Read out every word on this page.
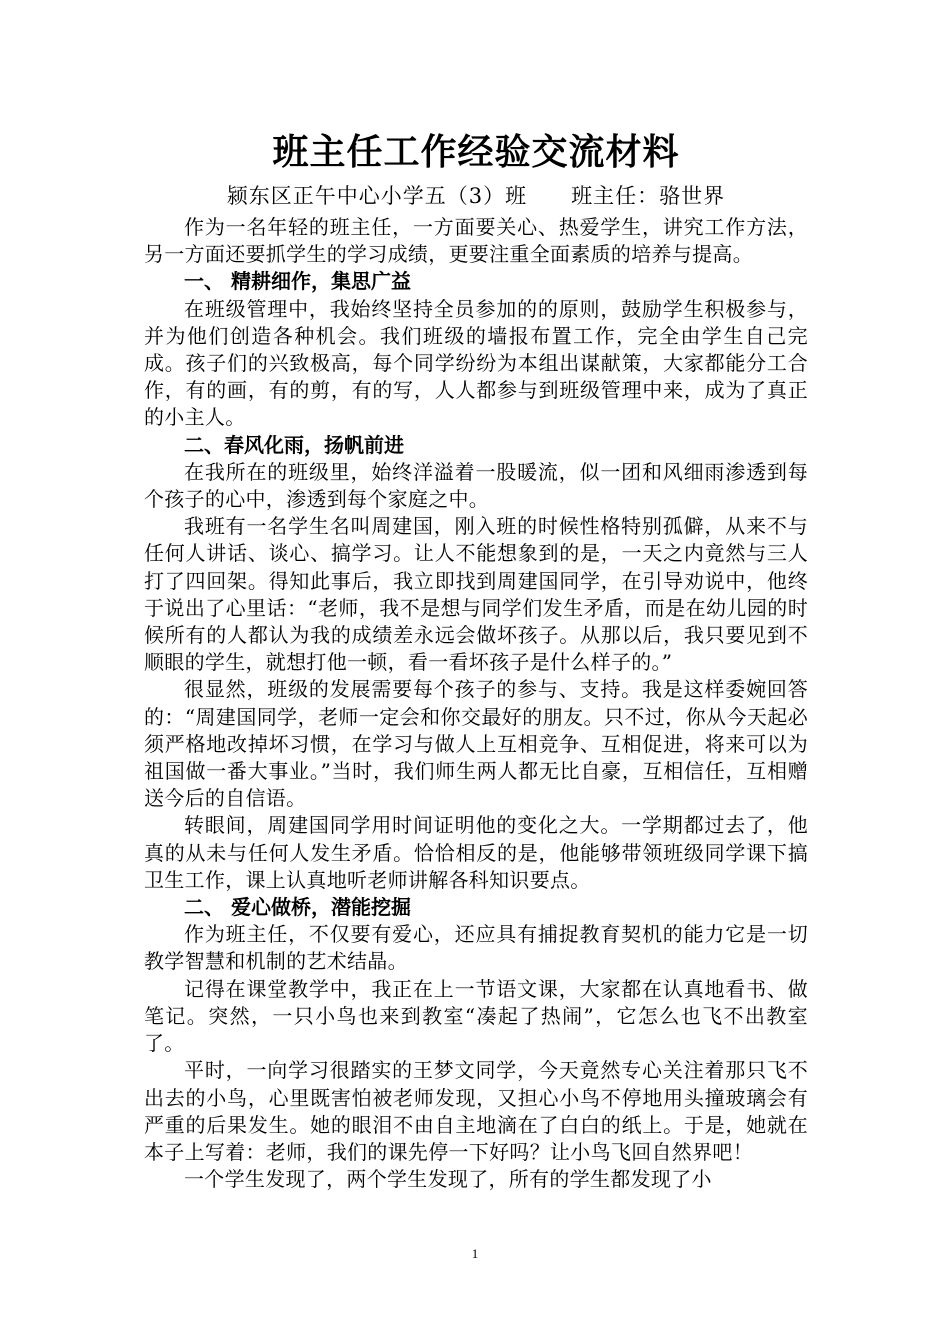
班主任工作经验交流材料
颍东区正午中心小学五（3）班 班主任：骆世界

作为一名年轻的班主任，一方面要关心、热爱学生，讲究工作方法，另一方面还要抓学生的学习成绩，更要注重全面素质的培养与提高。

一、 精耕细作，集思广益

在班级管理中，我始终坚持全员参加的的原则，鼓励学生积极参与，并为他们创造各种机会。我们班级的墙报布置工作，完全由学生自己完成。孩子们的兴致极高，每个同学纷纷为本组出谋献策，大家都能分工合作，有的画，有的剪，有的写，人人都参与到班级管理中来，成为了真正的小主人。

二、春风化雨，扬帆前进

在我所在的班级里，始终洋溢着一股暖流，似一团和风细雨渗透到每个孩子的心中，渗透到每个家庭之中。

我班有一名学生名叫周建国，刚入班的时候性格特别孤僻，从来不与任何人讲话、谈心、搞学习。让人不能想象到的是，一天之内竟然与三人打了四回架。得知此事后，我立即找到周建国同学，在引导劝说中，他终于说出了心里话：“老师，我不是想与同学们发生矛盾，而是在幼儿园的时候所有的人都认为我的成绩差永远会做坏孩子。从那以后，我只要见到不顺眼的学生，就想打他一顿，看一看坏孩子是什么样子的。”

很显然，班级的发展需要每个孩子的参与、支持。我是这样委婉回答的：“周建国同学，老师一定会和你交最好的朋友。只不过，你从今天起必须严格地改掉坏习惯，在学习与做人上互相竞争、互相促进，将来可以为祖国做一番大事业。”当时，我们师生两人都无比自豪，互相信任，互相赠送今后的自信语。

转眼间，周建国同学用时间证明他的变化之大。一学期都过去了，他真的从未与任何人发生矛盾。恰恰相反的是，他能够带领班级同学课下搞卫生工作，课上认真地听老师讲解各科知识要点。

二、 爱心做桥，潜能挖掘

作为班主任，不仅要有爱心，还应具有捕捉教育契机的能力它是一切教学智慧和机制的艺术结晶。

记得在课堂教学中，我正在上一节语文课，大家都在认真地看书、做笔记。突然，一只小鸟也来到教室“凑起了热闹”，它怎么也飞不出教室了。

平时，一向学习很踏实的王梦文同学，今天竟然专心关注着那只飞不出去的小鸟，心里既害怕被老师发现，又担心小鸟不停地用头撞玻璃会有严重的后果发生。她的眼泪不由自主地滴在了白白的纸上。于是，她就在本子上写着：老师，我们的课先停一下好吗？让小鸟飞回自然界吧！

一个学生发现了，两个学生发现了，所有的学生都发现了小

1
